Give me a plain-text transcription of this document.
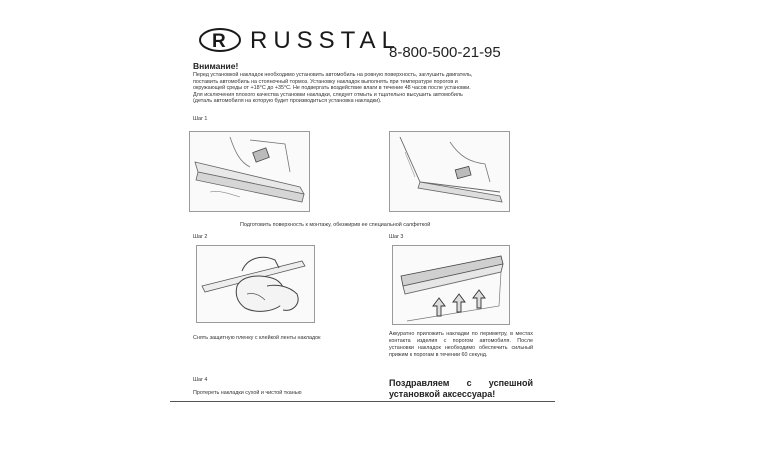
R RUSSTAL
8-800-500-21-95
Внимание!
Перед установкой накладок необходимо установить автомобиль на ровную поверхность, заглушить двигатель,
поставить автомобиль на стояночный тормоз. Установку накладок выполнять при температуре порогов и
окружающей среды от +18°C до +35°C. Не подвергать воздействие влаги в течение 48 часов после установки.
Для исключения плохого качества установки накладки, следует отмыть и тщательно высушить автомобиль
(деталь автомобиля на которую будет производиться установка накладки).
Шаг 1
Подготовить поверхность к монтажу, обезжирив ее специальной салфеткой
Шаг 2
Снять защитную пленку с клейкой ленты накладок
Шаг 3
Аккуратно приложить накладки по периметру, в местах контакта изделия с порогом автомобиля. После установки накладок необходимо обеспечить сильный прижим к порогам в течении 60 секунд.
Шаг 4
Протереть накладки сухой и чистой тканью
Поздравляем с успешной
установкой аксессуара!
